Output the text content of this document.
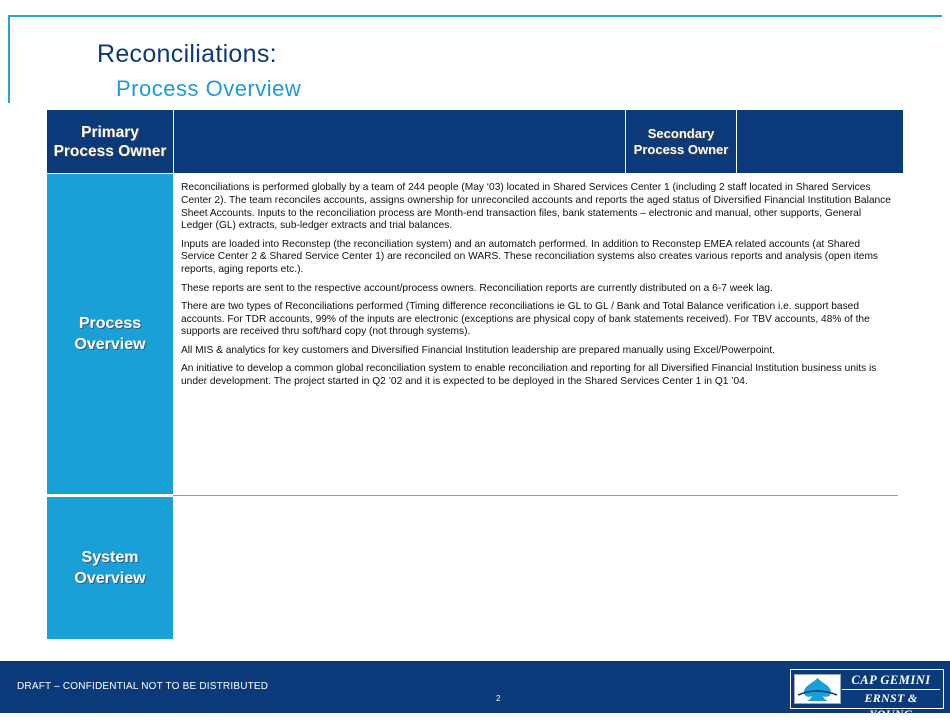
Reconciliations:
Process Overview
Primary
Process Owner
Secondary
Process Owner
Process
Overview
System
Overview

Reconciliations is performed globally by a team of 244 people (May ‘03) located in Shared Services Center 1 (including 2 staff located in Shared Services Center 2). The team reconciles accounts, assigns ownership for unreconciled accounts and reports the aged status of Diversified Financial Institution Balance Sheet Accounts. Inputs to the reconciliation process are Month-end transaction files, bank statements – electronic and manual, other supports, General Ledger (GL) extracts, sub-ledger extracts and trial balances.

Inputs are loaded into Reconstep (the reconciliation system) and an automatch performed. In addition to Reconstep EMEA related accounts (at Shared Service Center 2 & Shared Service Center 1) are reconciled on WARS. These reconciliation systems also creates various reports and analysis (open items reports, aging reports etc.).

These reports are sent to the respective account/process owners. Reconciliation reports are currently distributed on a 6-7 week lag.

There are two types of Reconciliations performed (Timing difference reconciliations ie GL to GL / Bank and Total Balance verification i.e. support based accounts. For TDR accounts, 99% of the inputs are electronic (exceptions are physical copy of bank statements received). For TBV accounts, 48% of the supports are received thru soft/hard copy (not through systems).

All MIS & analytics for key customers and Diversified Financial Institution leadership are prepared manually using Excel/Powerpoint.

An initiative to develop a common global reconciliation system to enable reconciliation and reporting for all Diversified Financial Institution business units is under development. The project started in Q2 ’02 and it is expected to be deployed in the Shared Services Center 1 in Q1 ’04.

DRAFT – CONFIDENTIAL NOT TO BE DISTRIBUTED
2
CAP GEMINI
ERNST & YOUNG
